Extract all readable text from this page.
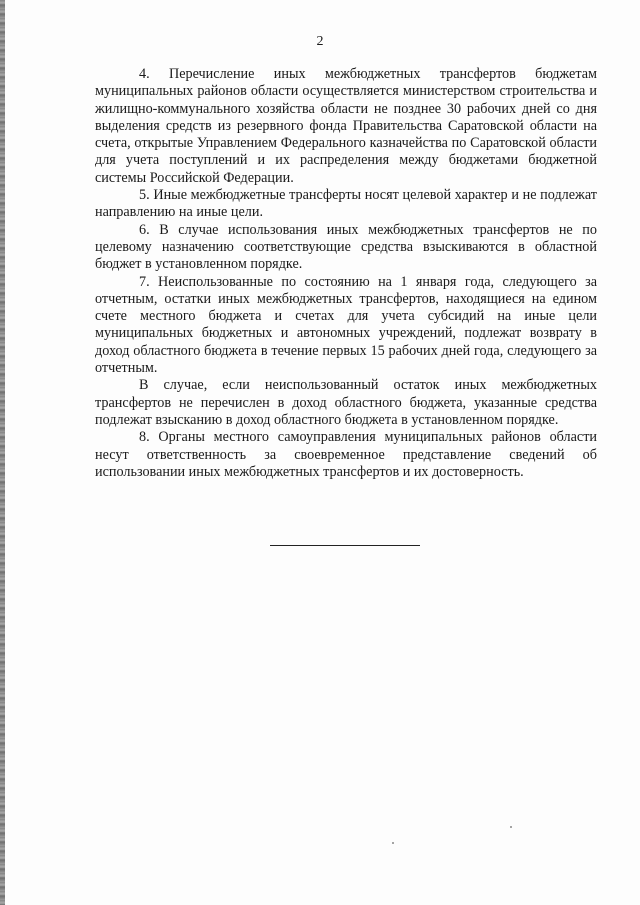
2

4. Перечисление иных межбюджетных трансфертов бюджетам муниципальных районов области осуществляется министерством строительства и жилищно-коммунального хозяйства области не позднее 30 рабочих дней со дня выделения средств из резервного фонда Правительства Саратовской области на счета, открытые Управлением Федерального казначейства по Саратовской области для учета поступлений и их распределения между бюджетами бюджетной системы Российской Федерации.

5. Иные межбюджетные трансферты носят целевой характер и не подлежат направлению на иные цели.

6. В случае использования иных межбюджетных трансфертов не по целевому назначению соответствующие средства взыскиваются в областной бюджет в установленном порядке.

7. Неиспользованные по состоянию на 1 января года, следующего за отчетным, остатки иных межбюджетных трансфертов, находящиеся на едином счете местного бюджета и счетах для учета субсидий на иные цели муниципальных бюджетных и автономных учреждений, подлежат возврату в доход областного бюджета в течение первых 15 рабочих дней года, следующего за отчетным.

В случае, если неиспользованный остаток иных межбюджетных трансфертов не перечислен в доход областного бюджета, указанные средства подлежат взысканию в доход областного бюджета в установленном порядке.

8. Органы местного самоуправления муниципальных районов области несут ответственность за своевременное представление сведений об использовании иных межбюджетных трансфертов и их достоверность.
